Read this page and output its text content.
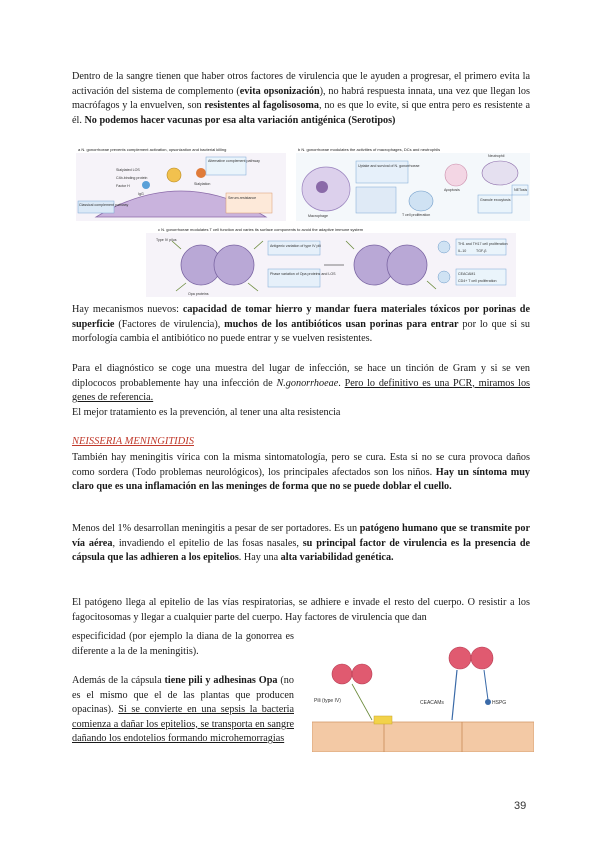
Dentro de la sangre tienen que haber otros factores de virulencia que le ayuden a progresar, el primero evita la activación del sistema de complemento (evita opsonización), no habrá respuesta innata, una vez que llegan los macrófagos y la envuelven, son resistentes al fagolisosoma, no es que lo evite, si que entra pero es resistente a él. No podemos hacer vacunas por esa alta variación antigénica (Serotipos)

a N. gonorrhoeae prevents complement activation, opsonization and bacterial killing
Alternative complement pathway
Classical complement pathway
Sialylated LOS
C4b-binding protein
Factor H	Sialylation
IgG
Serum-resistance
b N. gonorrhoeae modulates the activities of macrophages, DCs and neutrophils
Macrophage
Uptake and survival of N. gonorrhoeae
Apoptosis
T cell proliferation
Neutrophil
NETosis
Granule exocytosis
c N. gonorrhoeae modulates T cell function and varies its surface components to avoid the adaptive immune system
Type IV pilus
Antigenic variation of type IV pili
Phase variation of Opa proteins and LOS
Opa proteins
TH1 and TH17 cell proliferation
IL-10	TGF-β
CEACAM1
CD4+ T cell proliferation

Hay mecanismos nuevos: capacidad de tomar hierro y mandar fuera materiales tóxicos por porinas de superficie (Factores de virulencia), muchos de los antibióticos usan porinas para entrar por lo que si su morfología cambia el antibiótico no puede entrar y se vuelven resistentes.

Para el diagnóstico se coge una muestra del lugar de infección, se hace un tinción de Gram y si se ven diplococos probablemente hay una infección de N.gonorrhoeae. Pero lo definitivo es una PCR, miramos los genes de referencia.

El mejor tratamiento es la prevención, al tener una alta resistencia

NEISSERIA MENINGITIDIS

También hay meningitis vírica con la misma sintomatología, pero se cura. Esta si no se cura provoca daños como sordera (Todo problemas neurológicos), los principales afectados son los niños. Hay un síntoma muy claro que es una inflamación en las meninges de forma que no se puede doblar el cuello.

Menos del 1% desarrollan meningitis a pesar de ser portadores. Es un patógeno humano que se transmite por vía aérea, invadiendo el epitelio de las fosas nasales, su principal factor de virulencia es la presencia de cápsula que las adhieren a los epitelios. Hay una alta variabilidad genética.

El patógeno llega al epitelio de las vías respiratorias, se adhiere e invade el resto del cuerpo. O resistir a los fagocitosomas y llegar a cualquier parte del cuerpo. Hay factores de virulencia que dan

especificidad (por ejemplo la diana de la gonorrea es diferente a la de la meningitis).

Además de la cápsula tiene pili y adhesinas Opa (no es el mismo que el de las plantas que producen opacinas). Si se convierte en una sepsis la bacteria comienza a dañar los epitelios, se transporta en sangre dañando los endotelios formando microhemorragias

Pili (type IV)	CEACAMs	HSPG
39
